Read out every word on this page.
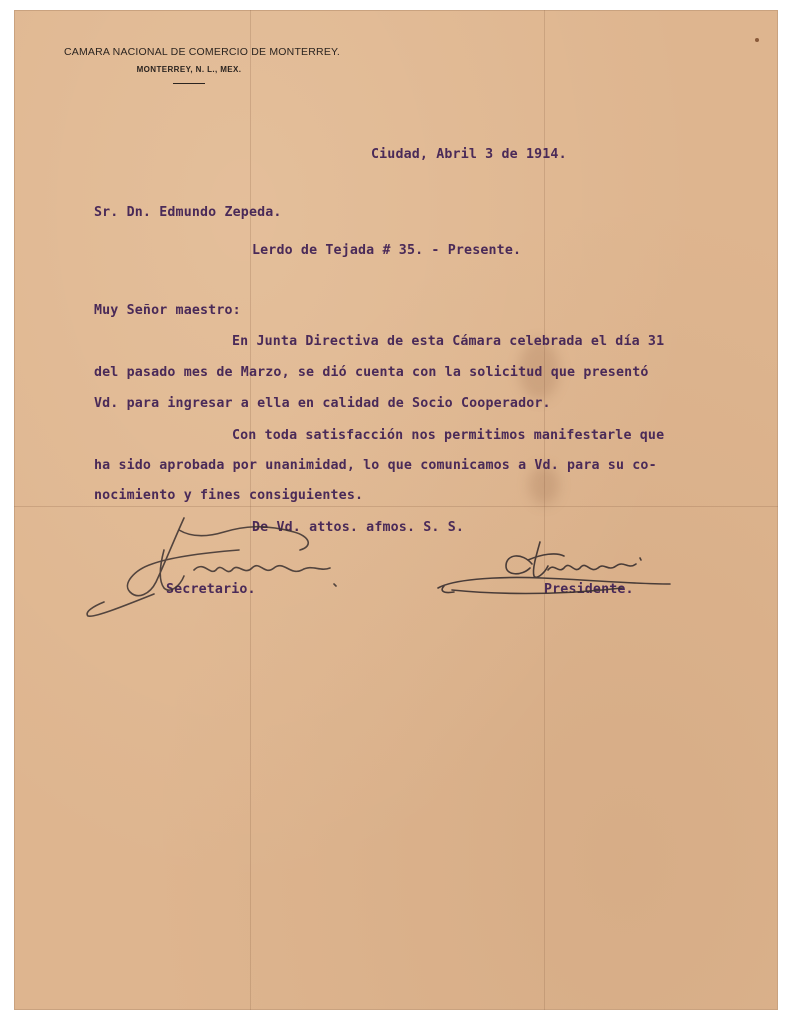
CAMARA NACIONAL DE COMERCIO DE MONTERREY.
MONTERREY, N. L., MEX.
Ciudad, Abril 3 de 1914.
Sr. Dn. Edmundo Zepeda.
Lerdo de Tejada # 35. - Presente.
Muy Señor maestro:
En Junta Directiva de esta Cámara celebrada el día 31
del pasado mes de Marzo, se dió cuenta con la solicitud que presentó
Vd. para ingresar a ella en calidad de Socio Cooperador.
Con toda satisfacción nos permitimos manifestarle que
ha sido aprobada por unanimidad, lo que comunicamos a Vd. para su co-
nocimiento y fines consiguientes.
De Vd. attos. afmos. S. S.
Secretario.	Presidente.
